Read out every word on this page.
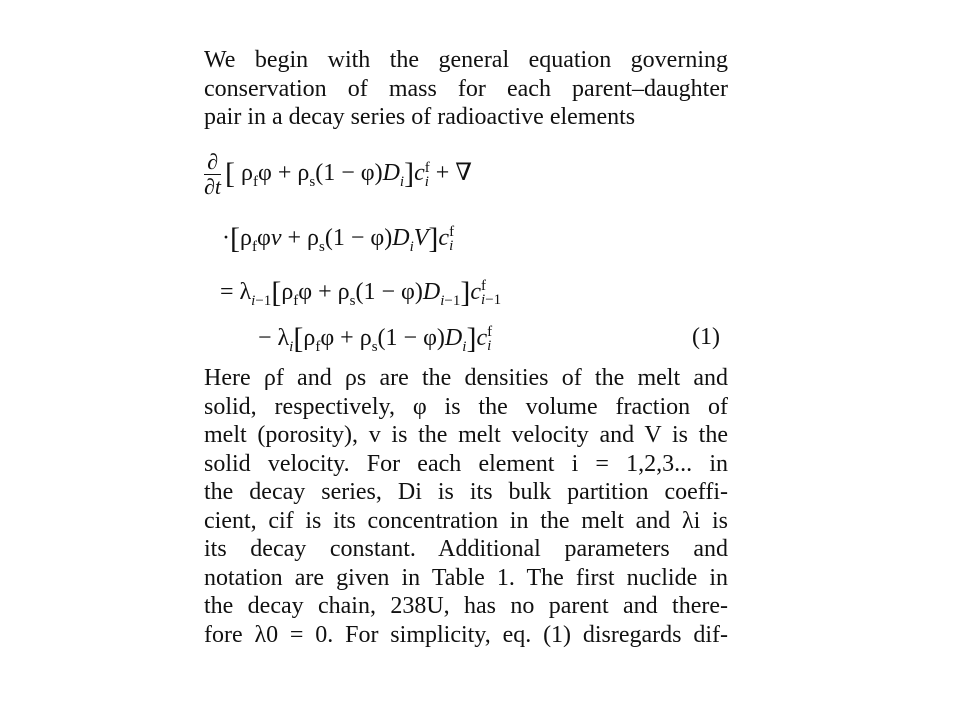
We begin with the general equation governing

conservation of mass for each parent–daughter

pair in a decay series of radioactive elements

$\frac{\partial}{\partial t}$ [ $\rho_f\varphi + \rho_s(1 - \varphi)D_i]c$ f
i + ∇
$\cdot[\rho_f\varphi v + \rho_s(1 - \varphi)D_iV]c$ f
i
= $\lambda_{i-1}[\rho_f\varphi + \rho_s(1 - \varphi)D_{i-1}]c$ f
i−1
− $\lambda_i[\rho_f\varphi + \rho_s(1 - \varphi)D_i]c$ f
i	(1)

Here ρf and ρs are the densities of the melt and

solid, respectively, φ is the volume fraction of

melt (porosity), v is the melt velocity and V is the

solid velocity. For each element i = 1,2,3... in

the decay series, Di is its bulk partition coeffi-

cient, cif is its concentration in the melt and λi is

its decay constant. Additional parameters and

notation are given in Table 1. The first nuclide in

the decay chain, 238U, has no parent and there-

fore λ0 = 0. For simplicity, eq. (1) disregards dif-
